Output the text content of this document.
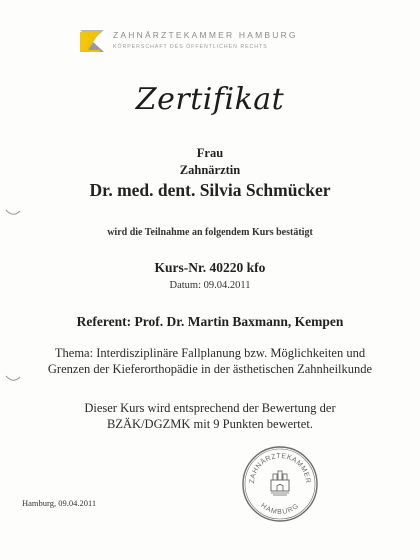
ZAHNÄRZTEKAMMER HAMBURG
KÖRPERSCHAFT DES ÖFFENTLICHEN RECHTS
Zertifikat
Frau
Zahnärztin
Dr. med. dent. Silvia Schmücker
wird die Teilnahme an folgendem Kurs bestätigt
Kurs-Nr. 40220 kfo
Datum: 09.04.2011
Referent: Prof. Dr. Martin Baxmann, Kempen
Thema: Interdisziplinäre Fallplanung bzw. Möglichkeiten und
Grenzen der Kieferorthopädie in der ästhetischen Zahnheilkunde
Dieser Kurs wird entsprechend der Bewertung der
BZÄK/DGZMK mit 9 Punkten bewertet.
ZAHNÄRZTEKAMMER
HAMBURG
Hamburg, 09.04.2011
